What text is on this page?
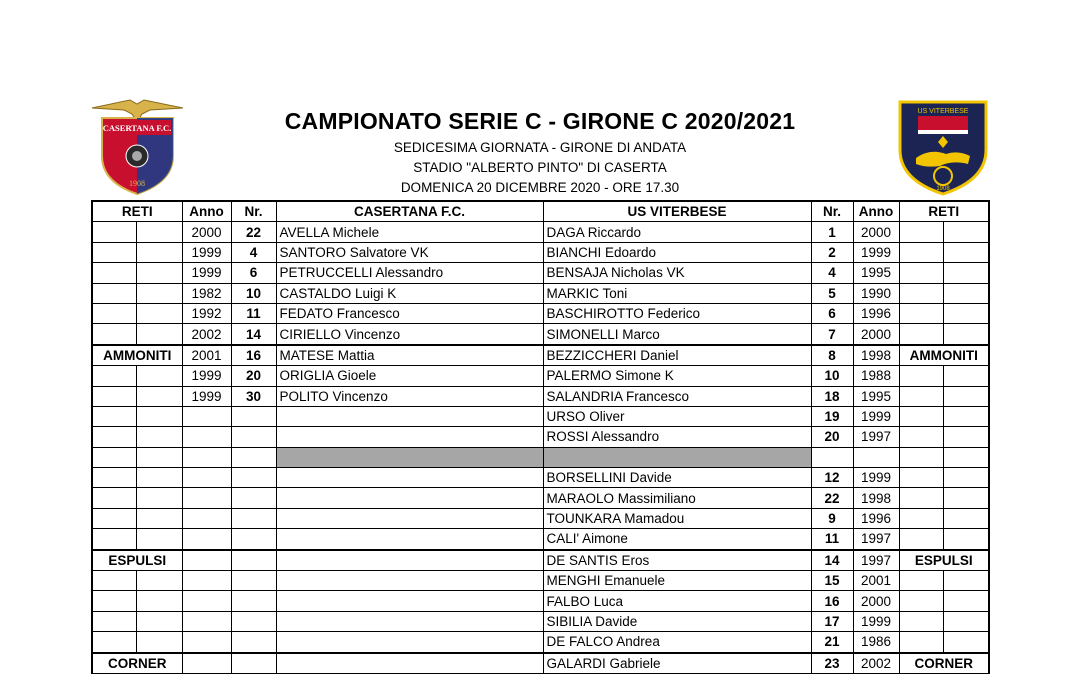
CASERTANA F.C.
1908
US VITERBESE
1908
CAMPIONATO SERIE C - GIRONE C 2020/2021
SEDICESIMA GIORNATA - GIRONE DI ANDATA
STADIO "ALBERTO PINTO" DI CASERTA
DOMENICA 20 DICEMBRE 2020 - ORE 17.30
RETI		Anno	Nr.	CASERTANA F.C.	US VITERBESE	Nr.	Anno	RETI	
		2000	22	AVELLA Michele	DAGA Riccardo	1	2000		
		1999	4	SANTORO Salvatore VK	BIANCHI Edoardo	2	1999		
		1999	6	PETRUCCELLI Alessandro	BENSAJA Nicholas VK	4	1995		
		1982	10	CASTALDO Luigi K	MARKIC Toni	5	1990		
		1992	11	FEDATO Francesco	BASCHIROTTO Federico	6	1996		
		2002	14	CIRIELLO Vincenzo	SIMONELLI Marco	7	2000		
AMMONITI		2001	16	MATESE Mattia	BEZZICCHERI Daniel	8	1998	AMMONITI	
		1999	20	ORIGLIA Gioele	PALERMO Simone K	10	1988		
		1999	30	POLITO Vincenzo	SALANDRIA Francesco	18	1995		
					URSO Oliver	19	1999		
					ROSSI Alessandro	20	1997		

					BORSELLINI Davide	12	1999		
					MARAOLO Massimiliano	22	1998		
					TOUNKARA Mamadou	9	1996		
					CALI' Aimone	11	1997		
ESPULSI					DE SANTIS Eros	14	1997	ESPULSI	
					MENGHI Emanuele	15	2001		
					FALBO Luca	16	2000		
					SIBILIA Davide	17	1999		
					DE FALCO Andrea	21	1986		
CORNER					GALARDI Gabriele	23	2002	CORNER	
